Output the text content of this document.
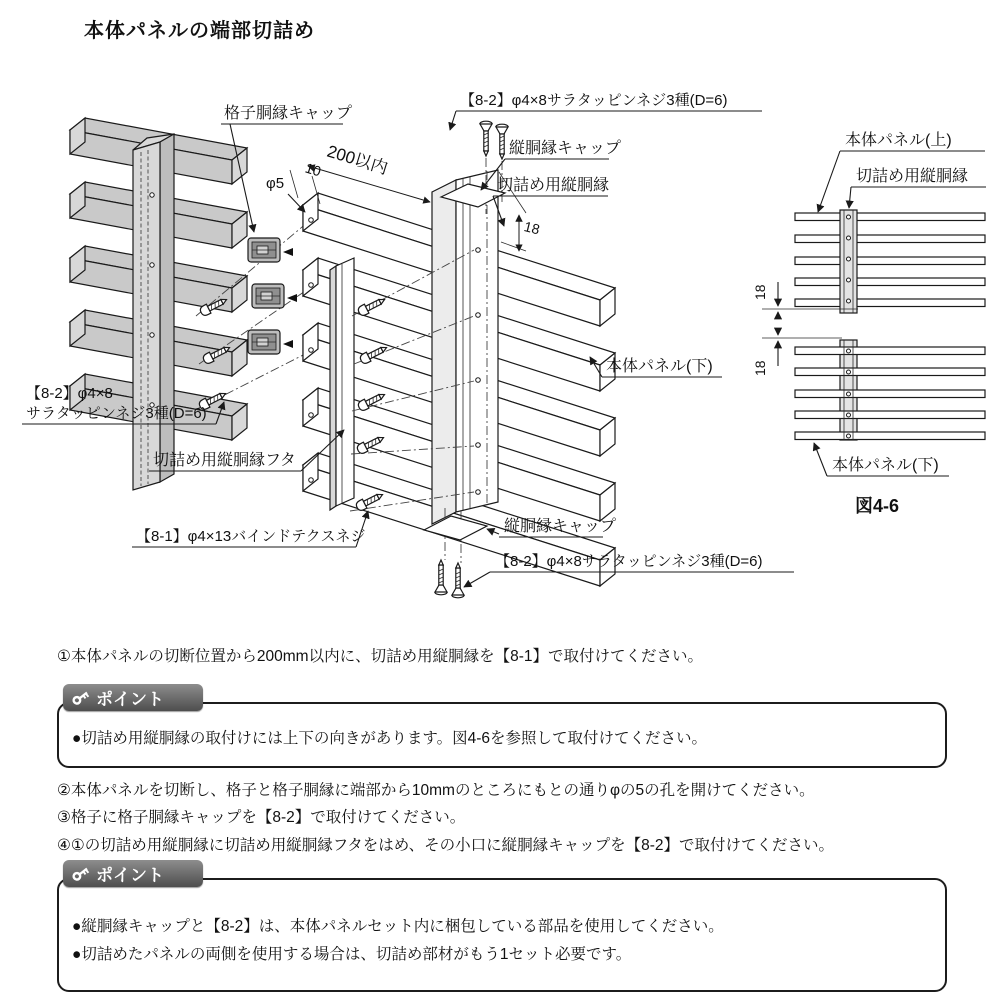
本体パネルの端部切詰め
200以内
10
φ5
18
格子胴縁キャップ
【8-2】φ4×8サラタッピンネジ3種(D=6)
縦胴縁キャップ
切詰め用縦胴縁
本体パネル(下)
【8-2】φ4×8
サラタッピンネジ3種(D=6)
切詰め用縦胴縁フタ
【8-1】φ4×13バインドテクスネジ
縦胴縁キャップ
【8-2】φ4×8サラタッピンネジ3種(D=6)
本体パネル(上)
切詰め用縦胴縁
18
18
本体パネル(下)
図4-6
①本体パネルの切断位置から200mm以内に、切詰め用縦胴縁を【8-1】で取付けてください。
ポイント
●切詰め用縦胴縁の取付けには上下の向きがあります。図4-6を参照して取付けてください。
②本体パネルを切断し、格子と格子胴縁に端部から10mmのところにもとの通りφの5の孔を開けてください。
③格子に格子胴縁キャップを【8-2】で取付けてください。
④①の切詰め用縦胴縁に切詰め用縦胴縁フタをはめ、その小口に縦胴縁キャップを【8-2】で取付けてください。
ポイント
●縦胴縁キャップと【8-2】は、本体パネルセット内に梱包している部品を使用してください。
●切詰めたパネルの両側を使用する場合は、切詰め部材がもう1セット必要です。
